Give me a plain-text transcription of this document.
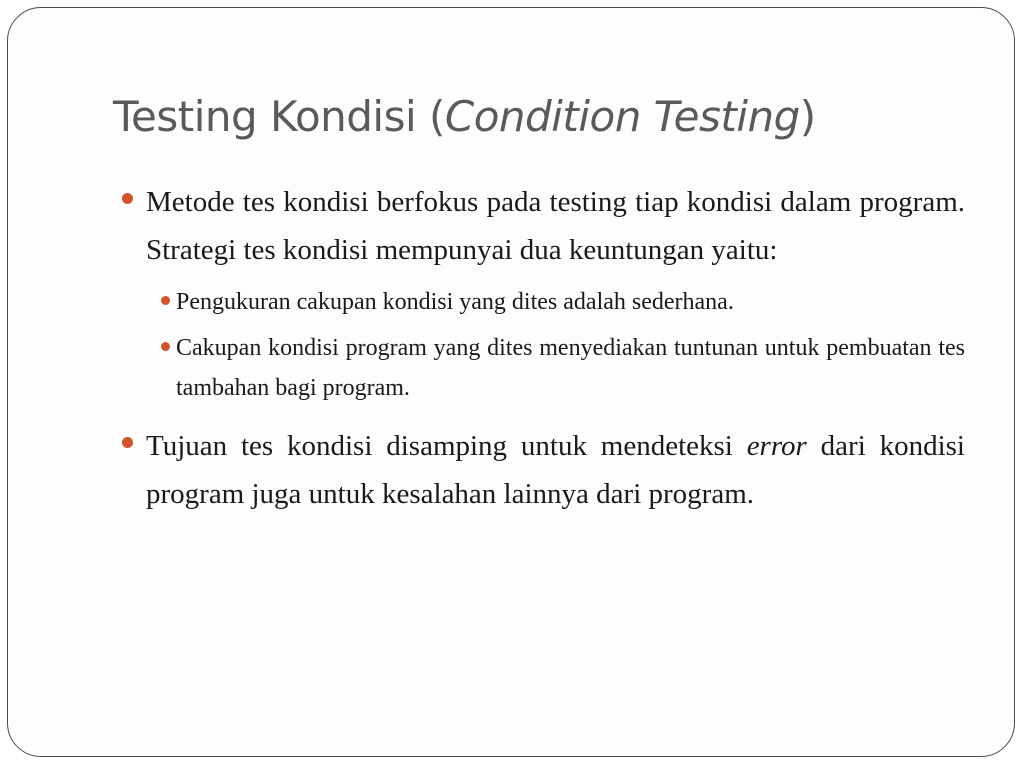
Testing Kondisi (Condition Testing)
Metode tes kondisi berfokus pada testing tiap kondisi dalam program. Strategi tes kondisi mempunyai dua keuntungan yaitu:
Pengukuran cakupan kondisi yang dites adalah sederhana.
Cakupan kondisi program yang dites menyediakan tuntunan untuk pembuatan tes tambahan bagi program.
Tujuan tes kondisi disamping untuk mendeteksi error dari kondisi program juga untuk kesalahan lainnya dari program.
